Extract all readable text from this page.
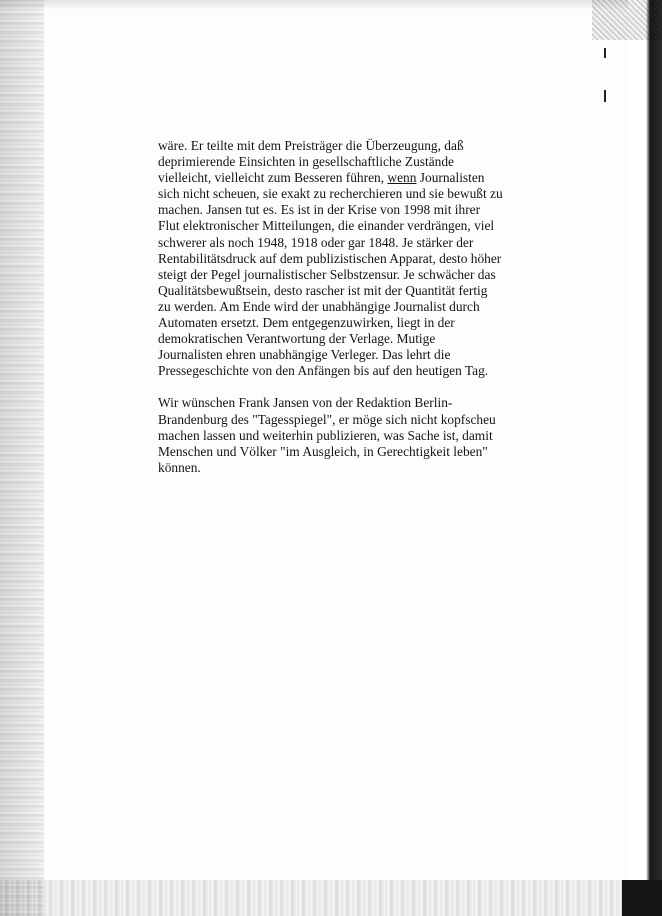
wäre. Er teilte mit dem Preisträger die Überzeugung, daß
deprimierende Einsichten in gesellschaftliche Zustände
vielleicht, vielleicht zum Besseren führen, wenn Journalisten
sich nicht scheuen, sie exakt zu recherchieren und sie bewußt zu
machen. Jansen tut es. Es ist in der Krise von 1998 mit ihrer
Flut elektronischer Mitteilungen, die einander verdrängen, viel
schwerer als noch 1948, 1918 oder gar 1848. Je stärker der
Rentabilitätsdruck auf dem publizistischen Apparat, desto höher
steigt der Pegel journalistischer Selbstzensur. Je schwächer das
Qualitätsbewußtsein, desto rascher ist mit der Quantität fertig
zu werden. Am Ende wird der unabhängige Journalist durch
Automaten ersetzt. Dem entgegenzuwirken, liegt in der
demokratischen Verantwortung der Verlage. Mutige
Journalisten ehren unabhängige Verleger. Das lehrt die
Pressegeschichte von den Anfängen bis auf den heutigen Tag.

Wir wünschen Frank Jansen von der Redaktion Berlin-
Brandenburg des "Tagesspiegel", er möge sich nicht kopfscheu
machen lassen und weiterhin publizieren, was Sache ist, damit
Menschen und Völker "im Ausgleich, in Gerechtigkeit leben"
können.
